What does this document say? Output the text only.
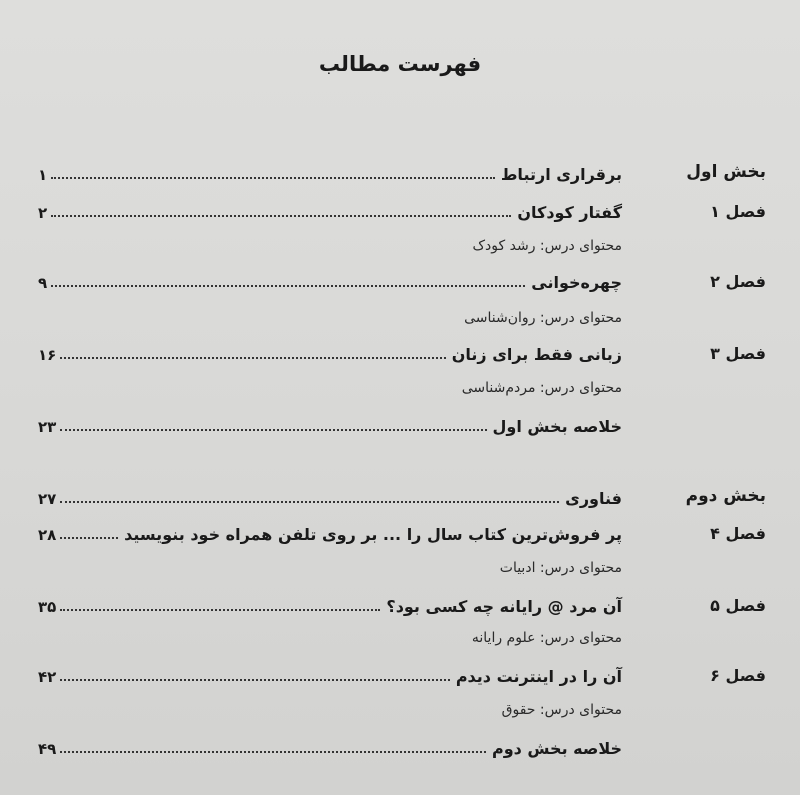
فهرست مطالب
بخش اول
برقراری ارتباط
۱
فصل ۱
گفتار کودکان
۲
محتوای درس: رشد کودک
فصل ۲
چهره‌خوانی
۹
محتوای درس: روان‌شناسی
فصل ۳
زبانی فقط برای زنان
۱۶
محتوای درس: مردم‌شناسی
خلاصه بخش اول
۲۳
بخش دوم
فناوری
۲۷
فصل ۴
پر فروش‌ترین کتاب سال را ... بر روی تلفن همراه خود بنویسید
۲۸
محتوای درس: ادبیات
فصل ۵
آن مرد @ رایانه چه کسی بود؟
۳۵
محتوای درس: علوم رایانه
فصل ۶
آن را در اینترنت دیدم
۴۲
محتوای درس: حقوق
خلاصه بخش دوم
۴۹
